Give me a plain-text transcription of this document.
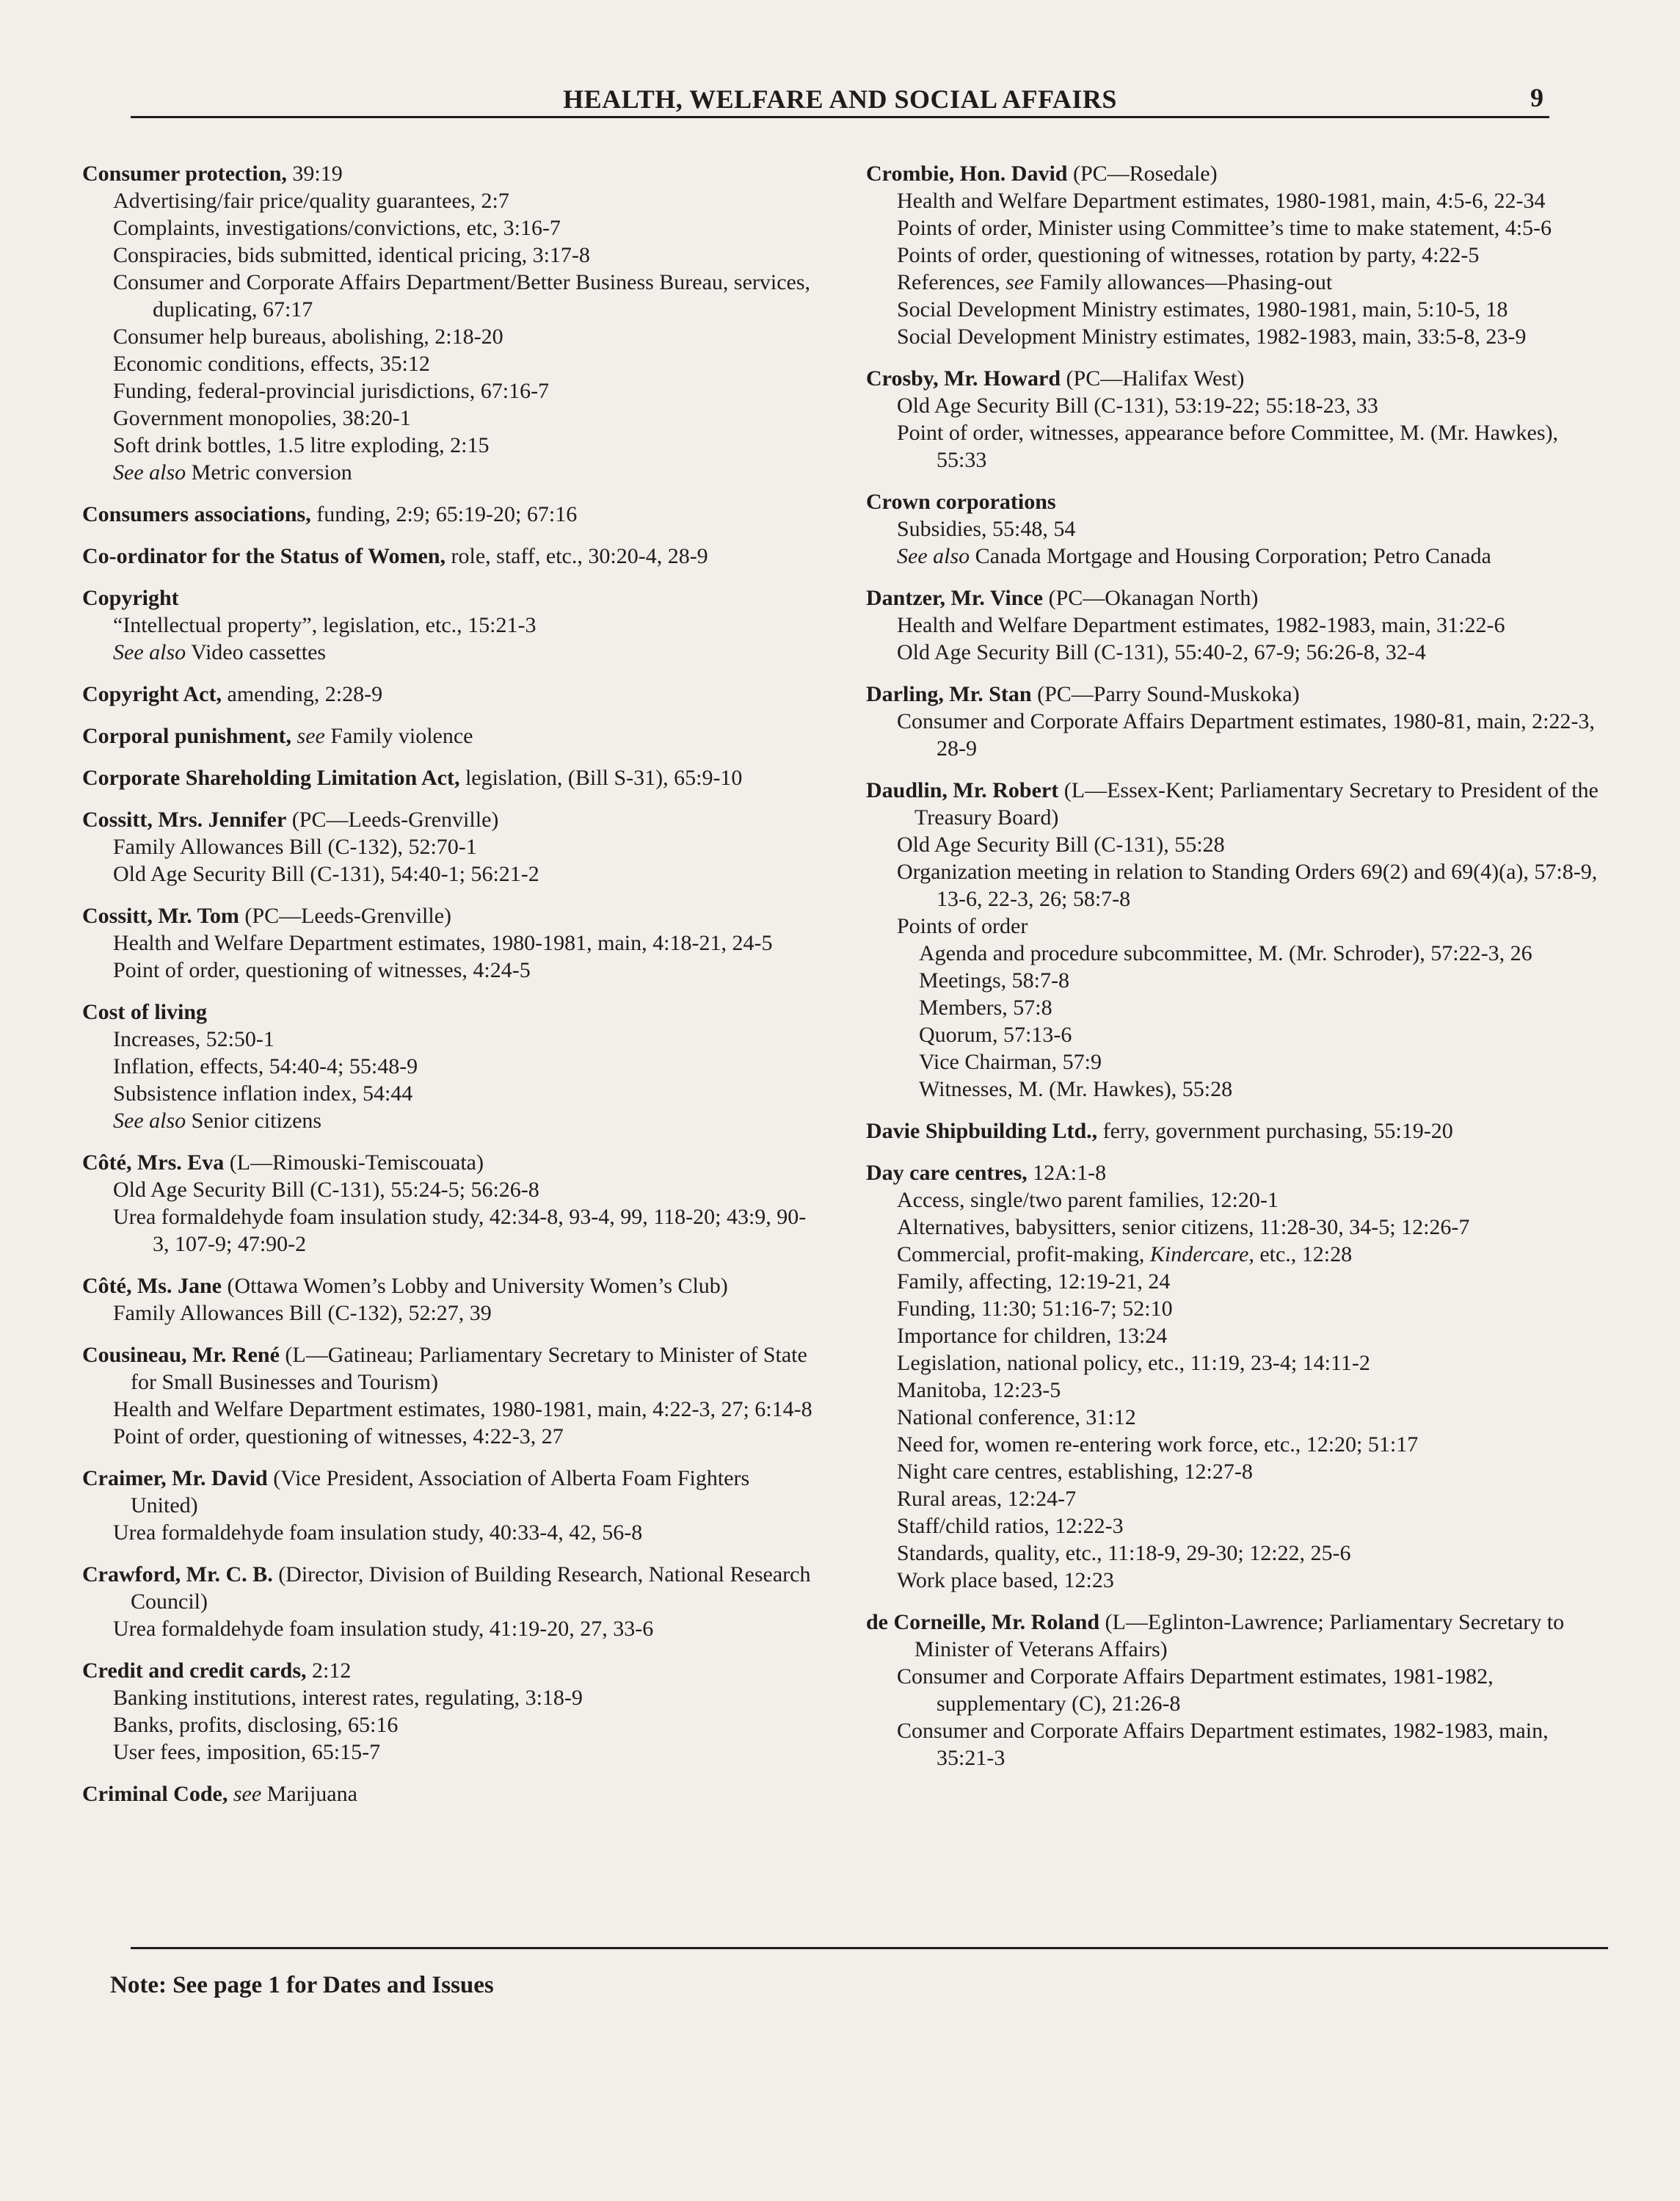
HEALTH, WELFARE AND SOCIAL AFFAIRS	9
Consumer protection, 39:19
Advertising/fair price/quality guarantees, 2:7
Complaints, investigations/convictions, etc, 3:16-7
Conspiracies, bids submitted, identical pricing, 3:17-8
Consumer and Corporate Affairs Department/Better Business Bureau, services, duplicating, 67:17
Consumer help bureaus, abolishing, 2:18-20
Economic conditions, effects, 35:12
Funding, federal-provincial jurisdictions, 67:16-7
Government monopolies, 38:20-1
Soft drink bottles, 1.5 litre exploding, 2:15
See also Metric conversion
Consumers associations, funding, 2:9; 65:19-20; 67:16
Co-ordinator for the Status of Women, role, staff, etc., 30:20-4, 28-9
Copyright
“Intellectual property”, legislation, etc., 15:21-3
See also Video cassettes
Copyright Act, amending, 2:28-9
Corporal punishment, see Family violence
Corporate Shareholding Limitation Act, legislation, (Bill S-31), 65:9-10
Cossitt, Mrs. Jennifer (PC—Leeds-Grenville)
Family Allowances Bill (C-132), 52:70-1
Old Age Security Bill (C-131), 54:40-1; 56:21-2
Cossitt, Mr. Tom (PC—Leeds-Grenville)
Health and Welfare Department estimates, 1980-1981, main, 4:18-21, 24-5
Point of order, questioning of witnesses, 4:24-5
Cost of living
Increases, 52:50-1
Inflation, effects, 54:40-4; 55:48-9
Subsistence inflation index, 54:44
See also Senior citizens
Côté, Mrs. Eva (L—Rimouski-Temiscouata)
Old Age Security Bill (C-131), 55:24-5; 56:26-8
Urea formaldehyde foam insulation study, 42:34-8, 93-4, 99, 118-20; 43:9, 90-3, 107-9; 47:90-2
Côté, Ms. Jane (Ottawa Women’s Lobby and University Women’s Club)
Family Allowances Bill (C-132), 52:27, 39
Cousineau, Mr. René (L—Gatineau; Parliamentary Secretary to Minister of State for Small Businesses and Tourism)
Health and Welfare Department estimates, 1980-1981, main, 4:22-3, 27; 6:14-8
Point of order, questioning of witnesses, 4:22-3, 27
Craimer, Mr. David (Vice President, Association of Alberta Foam Fighters United)
Urea formaldehyde foam insulation study, 40:33-4, 42, 56-8
Crawford, Mr. C. B. (Director, Division of Building Research, National Research Council)
Urea formaldehyde foam insulation study, 41:19-20, 27, 33-6
Credit and credit cards, 2:12
Banking institutions, interest rates, regulating, 3:18-9
Banks, profits, disclosing, 65:16
User fees, imposition, 65:15-7
Criminal Code, see Marijuana
Crombie, Hon. David (PC—Rosedale)
Health and Welfare Department estimates, 1980-1981, main, 4:5-6, 22-34
Points of order, Minister using Committee’s time to make statement, 4:5-6
Points of order, questioning of witnesses, rotation by party, 4:22-5
References, see Family allowances—Phasing-out
Social Development Ministry estimates, 1980-1981, main, 5:10-5, 18
Social Development Ministry estimates, 1982-1983, main, 33:5-8, 23-9
Crosby, Mr. Howard (PC—Halifax West)
Old Age Security Bill (C-131), 53:19-22; 55:18-23, 33
Point of order, witnesses, appearance before Committee, M. (Mr. Hawkes), 55:33
Crown corporations
Subsidies, 55:48, 54
See also Canada Mortgage and Housing Corporation; Petro Canada
Dantzer, Mr. Vince (PC—Okanagan North)
Health and Welfare Department estimates, 1982-1983, main, 31:22-6
Old Age Security Bill (C-131), 55:40-2, 67-9; 56:26-8, 32-4
Darling, Mr. Stan (PC—Parry Sound-Muskoka)
Consumer and Corporate Affairs Department estimates, 1980-81, main, 2:22-3, 28-9
Daudlin, Mr. Robert (L—Essex-Kent; Parliamentary Secretary to President of the Treasury Board)
Old Age Security Bill (C-131), 55:28
Organization meeting in relation to Standing Orders 69(2) and 69(4)(a), 57:8-9, 13-6, 22-3, 26; 58:7-8
Points of order
Agenda and procedure subcommittee, M. (Mr. Schroder), 57:22-3, 26
Meetings, 58:7-8
Members, 57:8
Quorum, 57:13-6
Vice Chairman, 57:9
Witnesses, M. (Mr. Hawkes), 55:28
Davie Shipbuilding Ltd., ferry, government purchasing, 55:19-20
Day care centres, 12A:1-8
Access, single/two parent families, 12:20-1
Alternatives, babysitters, senior citizens, 11:28-30, 34-5; 12:26-7
Commercial, profit-making, Kindercare, etc., 12:28
Family, affecting, 12:19-21, 24
Funding, 11:30; 51:16-7; 52:10
Importance for children, 13:24
Legislation, national policy, etc., 11:19, 23-4; 14:11-2
Manitoba, 12:23-5
National conference, 31:12
Need for, women re-entering work force, etc., 12:20; 51:17
Night care centres, establishing, 12:27-8
Rural areas, 12:24-7
Staff/child ratios, 12:22-3
Standards, quality, etc., 11:18-9, 29-30; 12:22, 25-6
Work place based, 12:23
de Corneille, Mr. Roland (L—Eglinton-Lawrence; Parliamentary Secretary to Minister of Veterans Affairs)
Consumer and Corporate Affairs Department estimates, 1981-1982, supplementary (C), 21:26-8
Consumer and Corporate Affairs Department estimates, 1982-1983, main, 35:21-3
Note: See page 1 for Dates and Issues
